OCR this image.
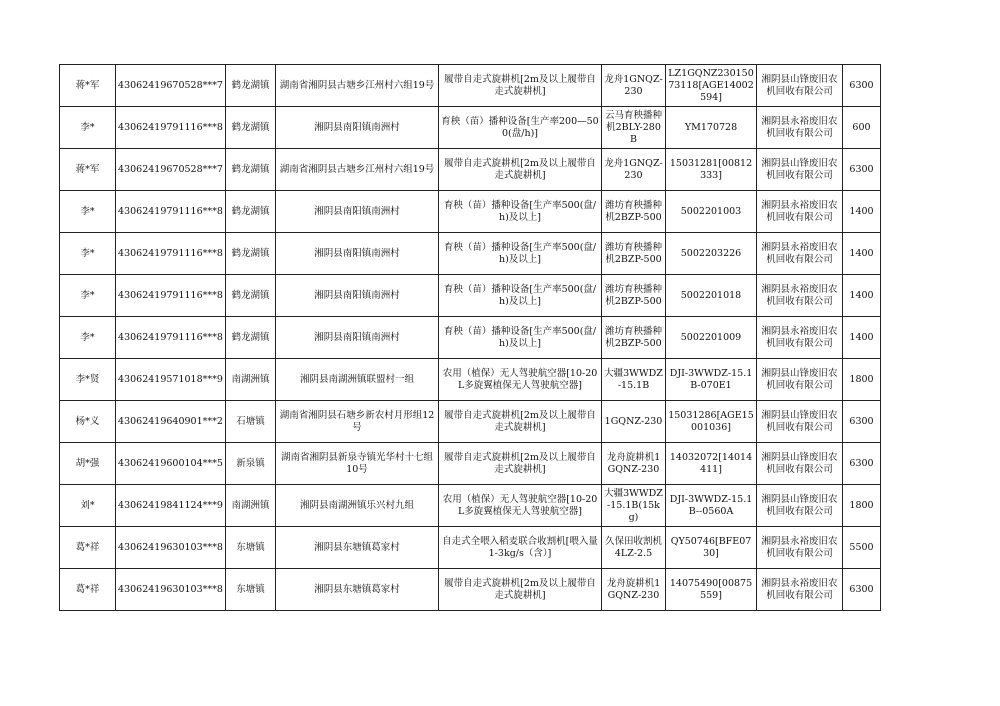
蒋*军	43062419670528***7	鹤龙湖镇	湖南省湘阴县古塘乡江州村六组19号	履带自走式旋耕机[2m及以上履带自走式旋耕机]	龙舟1GNQZ-230	LZ1GQNZ23015073118[AGE14002594]	湘阴县山锋废旧农机回收有限公司	6300
李*	43062419791116***8	鹤龙湖镇	湘阴县南阳镇南洲村	育秧（苗）播种设备[生产率200—500(盘/h)]	云马育秧播种机2BLY-280B	YM170728	湘阴县永裕废旧农机回收有限公司	600
蒋*军	43062419670528***7	鹤龙湖镇	湖南省湘阴县古塘乡江州村六组19号	履带自走式旋耕机[2m及以上履带自走式旋耕机]	龙舟1GNQZ-230	15031281[00812333]	湘阴县山锋废旧农机回收有限公司	6300
李*	43062419791116***8	鹤龙湖镇	湘阴县南阳镇南洲村	育秧（苗）播种设备[生产率500(盘/h)及以上]	潍坊育秧播种机2BZP-500	5002201003	湘阴县永裕废旧农机回收有限公司	1400
李*	43062419791116***8	鹤龙湖镇	湘阴县南阳镇南洲村	育秧（苗）播种设备[生产率500(盘/h)及以上]	潍坊育秧播种机2BZP-500	5002203226	湘阴县永裕废旧农机回收有限公司	1400
李*	43062419791116***8	鹤龙湖镇	湘阴县南阳镇南洲村	育秧（苗）播种设备[生产率500(盘/h)及以上]	潍坊育秧播种机2BZP-500	5002201018	湘阴县永裕废旧农机回收有限公司	1400
李*	43062419791116***8	鹤龙湖镇	湘阴县南阳镇南洲村	育秧（苗）播种设备[生产率500(盘/h)及以上]	潍坊育秧播种机2BZP-500	5002201009	湘阴县永裕废旧农机回收有限公司	1400
李*贤	43062419571018***9	南湖洲镇	湘阴县南湖洲镇联盟村一组	农用（植保）无人驾驶航空器[10-20L多旋翼植保无人驾驶航空器]	大疆3WWDZ-15.1B	DJI-3WWDZ-15.1B-070E1	湘阴县山锋废旧农机回收有限公司	1800
杨*义	43062419640901***2	石塘镇	湖南省湘阴县石塘乡新农村月形组12号	履带自走式旋耕机[2m及以上履带自走式旋耕机]	1GQNZ-230	15031286[AGE15001036]	湘阴县山锋废旧农机回收有限公司	6300
胡*强	43062419600104***5	新泉镇	湖南省湘阴县新泉寺镇光华村十七组10号	履带自走式旋耕机[2m及以上履带自走式旋耕机]	龙舟旋耕机1GQNZ-230	14032072[14014411]	湘阴县山锋废旧农机回收有限公司	6300
刘*	43062419841124***9	南湖洲镇	湘阴县南湖洲镇乐兴村九组	农用（植保）无人驾驶航空器[10-20L多旋翼植保无人驾驶航空器]	大疆3WWDZ-15.1B(15kg)	DJI-3WWDZ-15.1B--0560A	湘阴县山锋废旧农机回收有限公司	1800
葛*祥	43062419630103***8	东塘镇	湘阴县东塘镇葛家村	自走式全喂入稻麦联合收割机[喂入量1-3kg/s（含）]	久保田收割机4LZ-2.5	QY50746[BFE0730]	湘阴县永裕废旧农机回收有限公司	5500
葛*祥	43062419630103***8	东塘镇	湘阴县东塘镇葛家村	履带自走式旋耕机[2m及以上履带自走式旋耕机]	龙舟旋耕机1GQNZ-230	14075490[00875559]	湘阴县永裕废旧农机回收有限公司	6300
